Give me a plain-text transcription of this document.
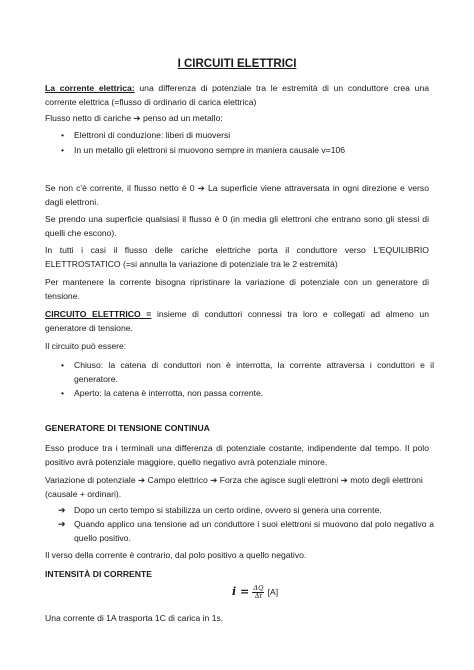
I CIRCUITI ELETTRICI

La corrente elettrica: una differenza di potenziale tra le estremità di un conduttore crea una corrente elettrica (=flusso di ordinario di carica elettrica)

Flusso netto di cariche ➔ penso ad un metallo:

• Elettroni di conduzione: liberi di muoversi

• In un metallo gli elettroni si muovono sempre in maniera causale v=106

Se non c'è corrente, il flusso netto è 0 ➔ La superficie viene attraversata in ogni direzione e verso dagli elettroni.

Se prendo una superficie qualsiasi il flusso è 0 (in media gli elettroni che entrano sono gli stessi di quelli che escono).

In tutti i casi il flusso delle cariche elettriche porta il conduttore verso L'EQUILIBRIO ELETTROSTATICO (=si annulla la variazione di potenziale tra le 2 estremità)

Per mantenere la corrente bisogna ripristinare la variazione di potenziale con un generatore di tensione.

CIRCUITO ELETTRICO = insieme di conduttori connessi tra loro e collegati ad almeno un generatore di tensione.

Il circuito può essere:

• Chiuso: la catena di conduttori non è interrotta, la corrente attraversa i conduttori e il generatore.

• Aperto: la catena è interrotta, non passa corrente.

GENERATORE DI TENSIONE CONTINUA

Esso produce tra i terminali una differenza di potenziale costante, indipendente dal tempo. Il polo positivo avrà potenziale maggiore, quello negativo avrà potenziale minore.

Variazione di potenziale ➔ Campo elettrico ➔ Forza che agisce sugli elettroni ➔ moto degli elettroni (causale + ordinari).

➔ Dopo un certo tempo si stabilizza un certo ordine, ovvero si genera una corrente.

➔ Quando applico una tensione ad un conduttore i suoi elettroni si muovono dal polo negativo a quello positivo.

Il verso della corrente è contrario, dal polo positivo a quello negativo.

INTENSITÀ DI CORRENTE

$i = \frac{\Delta Q}{\Delta t} [A]$

Una corrente di 1A trasporta 1C di carica in 1s.
